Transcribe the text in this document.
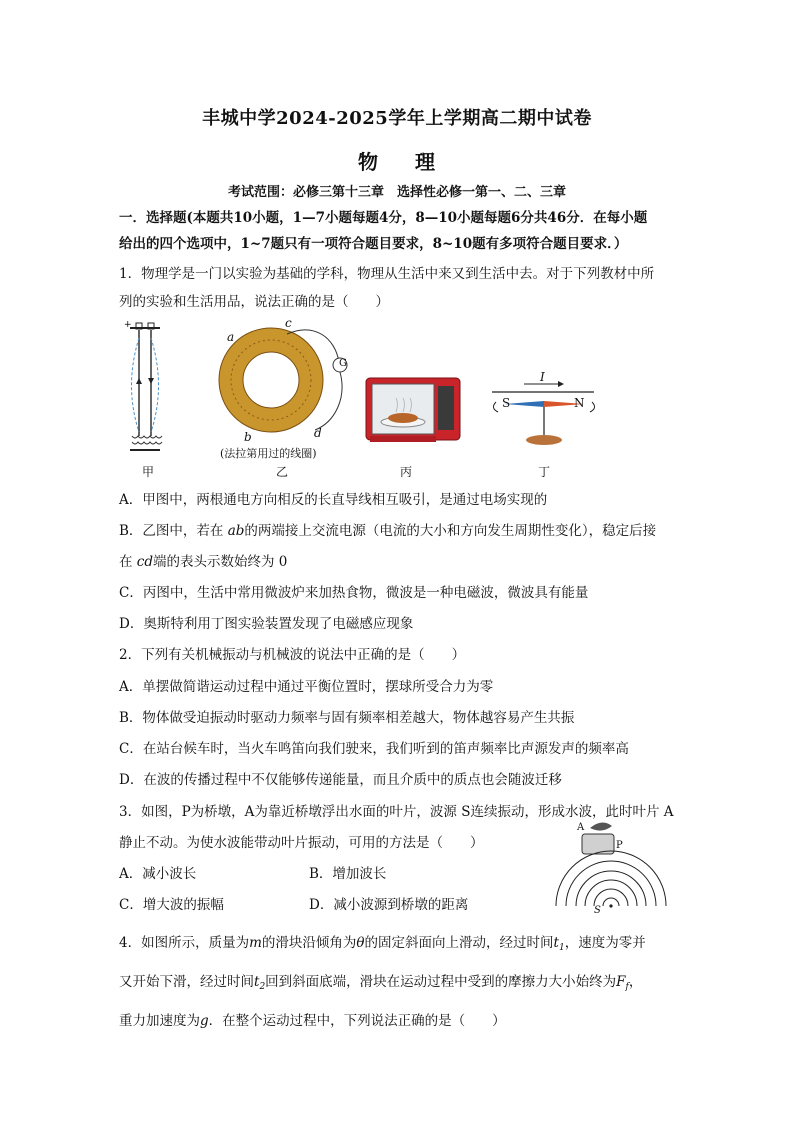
丰城中学2024-2025学年上学期高二期中试卷
物 理
考试范围：必修三第十三章　选择性必修一第一、二、三章
一．选择题(本题共10小题，1—7小题每题4分，8—10小题每题6分共46分．在每小题
给出的四个选项中，1~7题只有一项符合题目要求，8~10题有多项符合题目要求．）
1．物理学是一门以实验为基础的学科，物理从生活中来又到生活中去。对于下列教材中所
列的实验和生活用品，说法正确的是（　　）
+
甲
G
a
c
b	d
(法拉第用过的线圈)
乙	丙
I
S	N
丁
A．甲图中，两根通电方向相反的长直导线相互吸引，是通过电场实现的
B．乙图中，若在 ab的两端接上交流电源（电流的大小和方向发生周期性变化），稳定后接
在 cd端的表头示数始终为 0
C．丙图中，生活中常用微波炉来加热食物，微波是一种电磁波，微波具有能量
D．奥斯特利用丁图实验装置发现了电磁感应现象
2．下列有关机械振动与机械波的说法中正确的是（　　）
A．单摆做简谐运动过程中通过平衡位置时，摆球所受合力为零
B．物体做受迫振动时驱动力频率与固有频率相差越大，物体越容易产生共振
C．在站台候车时，当火车鸣笛向我们驶来，我们听到的笛声频率比声源发声的频率高
D．在波的传播过程中不仅能够传递能量，而且介质中的质点也会随波迁移
3．如图，P为桥墩，A为靠近桥墩浮出水面的叶片，波源 S连续振动，形成水波，此时叶片 A
静止不动。为使水波能带动叶片振动，可用的方法是（　　）
A．减小波长	B．增加波长
C．增大波的振幅	D．减小波源到桥墩的距离
A
P
S
4．如图所示，质量为m的滑块沿倾角为θ的固定斜面向上滑动，经过时间$t_1$，速度为零并
又开始下滑，经过时间$t_2$回到斜面底端，滑块在运动过程中受到的摩擦力大小始终为$F_f$，
重力加速度为g．在整个运动过程中，下列说法正确的是（　　）
